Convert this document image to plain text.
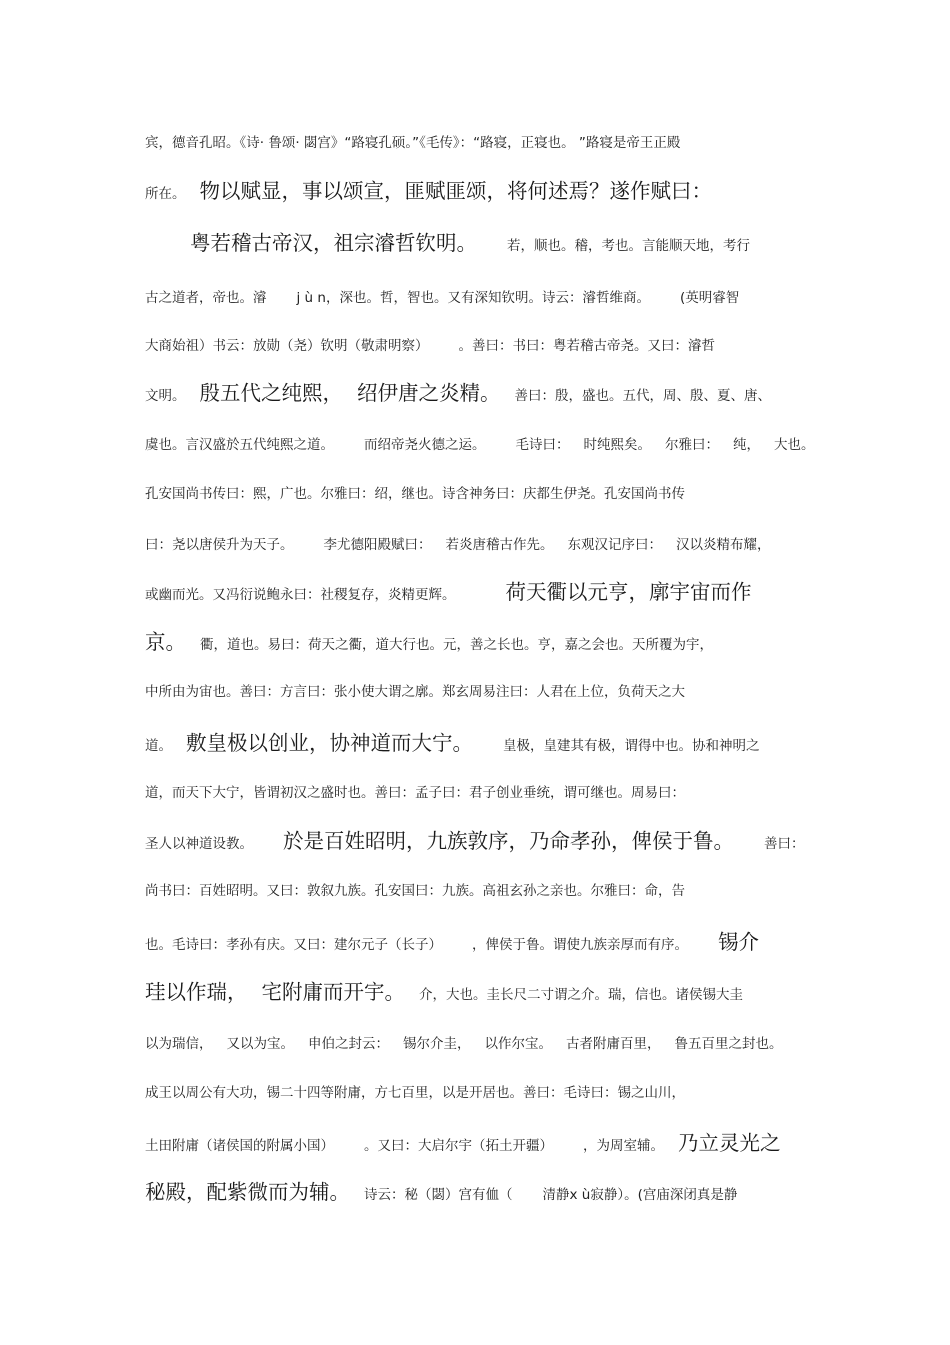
宾，德音孔昭。《诗· 鲁颂· 閟宫》“路寝孔硕。”《毛传》：“路寝，正寝也。 ”路寝是帝王正殿
所在。 物以赋显，事以颂宣，匪赋匪颂，将何述焉？遂作赋曰：
粤若稽古帝汉，祖宗濬哲钦明。 若，顺也。稽，考也。言能顺天地，考行
古之道者，帝也。濬 j ù n，深也。哲，智也。又有深知钦明。诗云：濬哲维商。 (英明睿智
大商始祖）书云：放勋（尧）钦明（敬肃明察） 。善曰：书曰：粤若稽古帝尧。又曰：濬哲
文明。 殷五代之纯熙， 绍伊唐之炎精。 善曰：殷，盛也。五代，周、殷、夏、唐、
虞也。言汉盛於五代纯熙之道。 而绍帝尧火德之运。 毛诗曰： 时纯熙矣。 尔雅曰： 纯， 大也。
孔安国尚书传曰：熙，广也。尔雅曰：绍，继也。诗含神务曰：庆都生伊尧。孔安国尚书传
曰：尧以唐侯升为天子。 李尤德阳殿赋曰： 若炎唐稽古作先。 东观汉记序曰： 汉以炎精布耀，
或幽而光。又冯衍说鲍永曰：社稷复存，炎精更辉。 荷天衢以元亨，廓宇宙而作
京。 衢，道也。易曰：荷天之衢，道大行也。元，善之长也。亨，嘉之会也。天所覆为宇，
中所由为宙也。善曰：方言曰：张小使大谓之廓。郑玄周易注曰：人君在上位，负荷天之大
道。 敷皇极以创业，协神道而大宁。 皇极，皇建其有极，谓得中也。协和神明之
道，而天下大宁，皆谓初汉之盛时也。善曰：孟子曰：君子创业垂统，谓可继也。周易曰：
圣人以神道设教。 於是百姓昭明，九族敦序，乃命孝孙，俾侯于鲁。 善曰：
尚书曰：百姓昭明。又曰：敦叙九族。孔安国曰：九族。高祖玄孙之亲也。尔雅曰：命，告
也。毛诗曰：孝孙有庆。又曰：建尔元子（长子） ，俾侯于鲁。谓使九族亲厚而有序。 锡介
珪以作瑞， 宅附庸而开宇。 介，大也。圭长尺二寸谓之介。瑞，信也。诸侯锡大圭
以为瑞信， 又以为宝。 申伯之封云： 锡尔介圭， 以作尔宝。 古者附庸百里， 鲁五百里之封也。
成王以周公有大功，锡二十四等附庸，方七百里，以是开居也。善曰：毛诗曰：锡之山川，
土田附庸（诸侯国的附属小国） 。又曰：大启尔宇（拓土开疆） ，为周室辅。 乃立灵光之
秘殿，配紫微而为辅。 诗云：秘（閟）宫有侐（ 清静x ù寂静）。(宫庙深闭真是静
